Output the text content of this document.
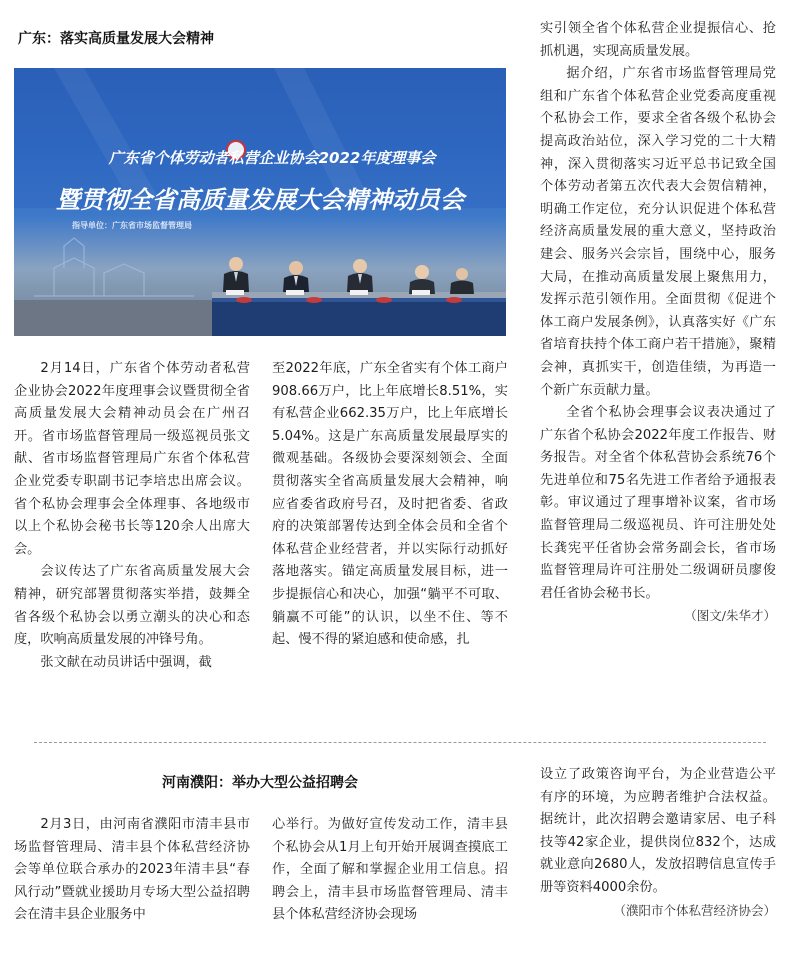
广东：落实高质量发展大会精神
广东省个体劳动者私营企业协会2022年度理事会
暨贯彻全省高质量发展大会精神动员会
指导单位：广东省市场监督管理局

2月14日，广东省个体劳动者私营企业协会2022年度理事会议暨贯彻全省高质量发展大会精神动员会在广州召开。省市场监督管理局一级巡视员张文献、省市场监督管理局广东省个体私营企业党委专职副书记李培忠出席会议。省个私协会理事会全体理事、各地级市以上个私协会秘书长等120余人出席大会。

会议传达了广东省高质量发展大会精神，研究部署贯彻落实举措，鼓舞全省各级个私协会以勇立潮头的决心和态度，吹响高质量发展的冲锋号角。

张文献在动员讲话中强调，截

至2022年底，广东全省实有个体工商户908.66万户，比上年底增长8.51%，实有私营企业662.35万户，比上年底增长5.04%。这是广东高质量发展最厚实的微观基础。各级协会要深刻领会、全面贯彻落实全省高质量发展大会精神，响应省委省政府号召，及时把省委、省政府的决策部署传达到全体会员和全省个体私营企业经营者，并以实际行动抓好落地落实。锚定高质量发展目标，进一步提振信心和决心，加强“躺平不可取、躺赢不可能”的认识，以坐不住、等不起、慢不得的紧迫感和使命感，扎

实引领全省个体私营企业提振信心、抢抓机遇，实现高质量发展。

据介绍，广东省市场监督管理局党组和广东省个体私营企业党委高度重视个私协会工作，要求全省各级个私协会提高政治站位，深入学习党的二十大精神，深入贯彻落实习近平总书记致全国个体劳动者第五次代表大会贺信精神，明确工作定位，充分认识促进个体私营经济高质量发展的重大意义，坚持政治建会、服务兴会宗旨，围绕中心，服务大局，在推动高质量发展上聚焦用力，发挥示范引领作用。全面贯彻《促进个体工商户发展条例》，认真落实好《广东省培育扶持个体工商户若干措施》，聚精会神，真抓实干，创造佳绩，为再造一个新广东贡献力量。

全省个私协会理事会议表决通过了广东省个私协会2022年度工作报告、财务报告。对全省个体私营协会系统76个先进单位和75名先进工作者给予通报表彰。审议通过了理事增补议案，省市场监督管理局二级巡视员、许可注册处处长龚宪平任省协会常务副会长，省市场监督管理局许可注册处二级调研员廖俊君任省协会秘书长。

（图文/朱华才）

河南濮阳：举办大型公益招聘会

2月3日，由河南省濮阳市清丰县市场监督管理局、清丰县个体私营经济协会等单位联合承办的2023年清丰县“春风行动”暨就业援助月专场大型公益招聘会在清丰县企业服务中

心举行。为做好宣传发动工作，清丰县个私协会从1月上旬开始开展调查摸底工作，全面了解和掌握企业用工信息。招聘会上，清丰县市场监督管理局、清丰县个体私营经济协会现场

设立了政策咨询平台，为企业营造公平有序的环境，为应聘者维护合法权益。据统计，此次招聘会邀请家居、电子科技等42家企业，提供岗位832个，达成就业意向2680人，发放招聘信息宣传手册等资料4000余份。

（濮阳市个体私营经济协会）
